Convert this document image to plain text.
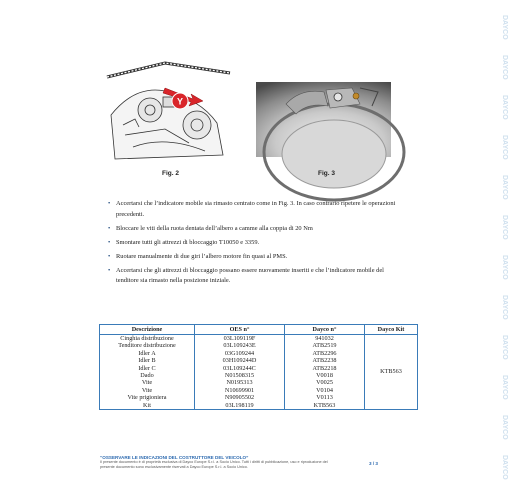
DAYCO
DAYCO
DAYCO
DAYCO
DAYCO
DAYCO
DAYCO
DAYCO
DAYCO
DAYCO
DAYCO
DAYCO
Y
Fig. 2	Fig. 3
• Accertarsi che l’indicatore mobile sia rimasto centrato come in Fig. 3. In caso contrario ripetere le operazioni precedenti.
• Bloccare le viti della ruota dentata dell’albero a camme alla coppia di 20 Nm
• Smontare tutti gli attrezzi di bloccaggio T10050 e 3359.
• Ruotare manualmente di due giri l’albero motore fin quasi al PMS.
• Accertarsi che gli attrezzi di bloccaggio possano essere nuovamente inseriti e che l’indicatore mobile del tenditore sia rimasto nella posizione iniziale.
Descrizione	OES n°	Dayco n°	Dayco Kit
Cinghia distribuzione	03L109119F	941032	KTB563
Tenditore distribuzione	03L109243E	ATB2519	
Idler A	03G109244	ATB2296	
Idler B	03H109244D	ATB2238	
Idler C	03L109244C	ATB2218	
Dado	N01508315	V0018	
Vite	N0195313	V0025	
Vite	N10699901	V0104	
Vite prigioniera	N90905502	V0113	
Kit	03L198119	KTB563	
“OSSERVARE LE INDICAZIONI DEL COSTRUTTORE DEL VEICOLO”
Il presente documento è di proprietà esclusiva di Dayco Europe S.r.l. a Socio Unico. Tutti i diritti di pubblicazione, uso e riproduzione del presente documento sono esclusivamente riservati a Dayco Europe S.r.l. a Socio Unico.
3 / 3
